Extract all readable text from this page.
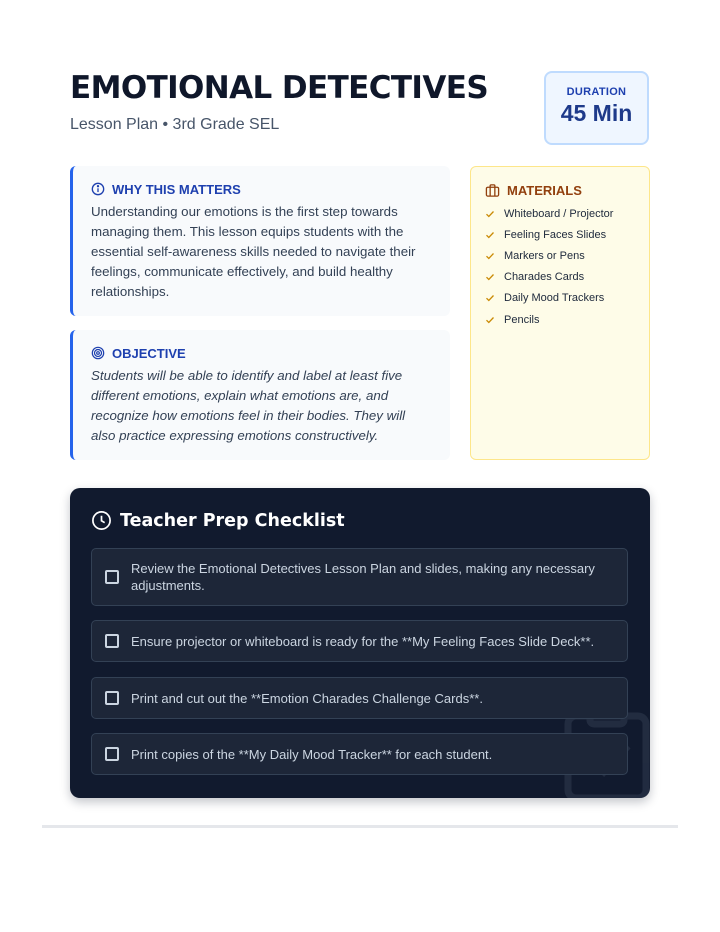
EMOTIONAL DETECTIVES
Lesson Plan • 3rd Grade SEL
DURATION
45 Min
WHY THIS MATTERS

Understanding our emotions is the first step towards managing them. This lesson equips students with the essential self-awareness skills needed to navigate their feelings, communicate effectively, and build healthy relationships.

OBJECTIVE

Students will be able to identify and label at least five different emotions, explain what emotions are, and recognize how emotions feel in their bodies. They will also practice expressing emotions constructively.

MATERIALS
Whiteboard / Projector
Feeling Faces Slides
Markers or Pens
Charades Cards
Daily Mood Trackers
Pencils
Teacher Prep Checklist
Review the Emotional Detectives Lesson Plan and slides, making any necessary adjustments.
Ensure projector or whiteboard is ready for the **My Feeling Faces Slide Deck**.
Print and cut out the **Emotion Charades Challenge Cards**.
Print copies of the **My Daily Mood Tracker** for each student.
